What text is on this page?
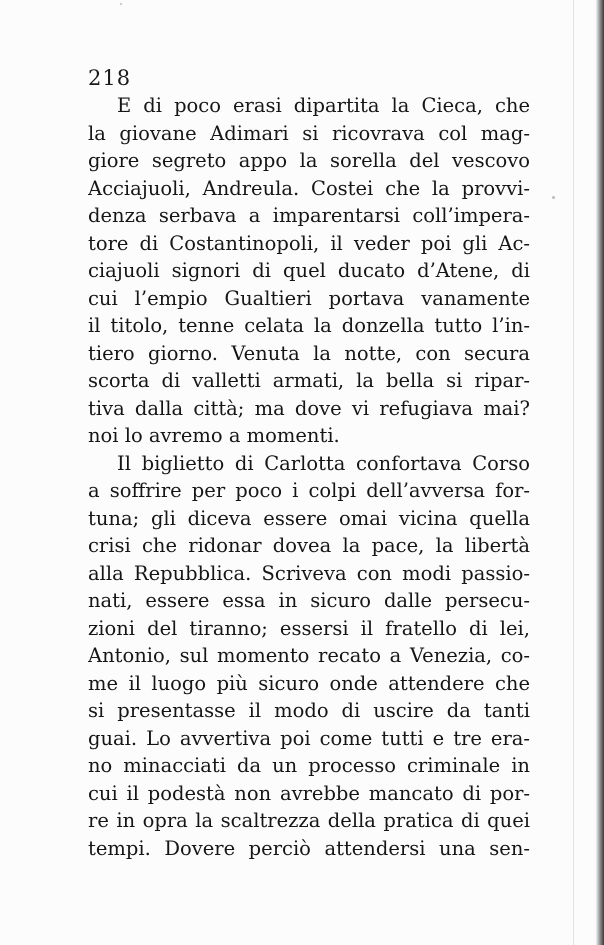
218
E di poco erasi dipartita la Cieca, che
la giovane Adimari si ricovrava col mag-
giore segreto appo la sorella del vescovo
Acciajuoli, Andreula. Costei che la provvi-
denza serbava a imparentarsi coll’impera-
tore di Costantinopoli, il veder poi gli Ac-
ciajuoli signori di quel ducato d’Atene, di
cui l’empio Gualtieri portava vanamente
il titolo, tenne celata la donzella tutto l’in-
tiero giorno. Venuta la notte, con secura
scorta di valletti armati, la bella si ripar-
tiva dalla città; ma dove vi refugiava mai?
noi lo avremo a momenti.
Il biglietto di Carlotta confortava Corso
a soffrire per poco i colpi dell’avversa for-
tuna; gli diceva essere omai vicina quella
crisi che ridonar dovea la pace, la libertà
alla Repubblica. Scriveva con modi passio-
nati, essere essa in sicuro dalle persecu-
zioni del tiranno; essersi il fratello di lei,
Antonio, sul momento recato a Venezia, co-
me il luogo più sicuro onde attendere che
si presentasse il modo di uscire da tanti
guai. Lo avvertiva poi come tutti e tre era-
no minacciati da un processo criminale in
cui il podestà non avrebbe mancato di por-
re in opra la scaltrezza della pratica di quei
tempi. Dovere perciò attendersi una sen-
